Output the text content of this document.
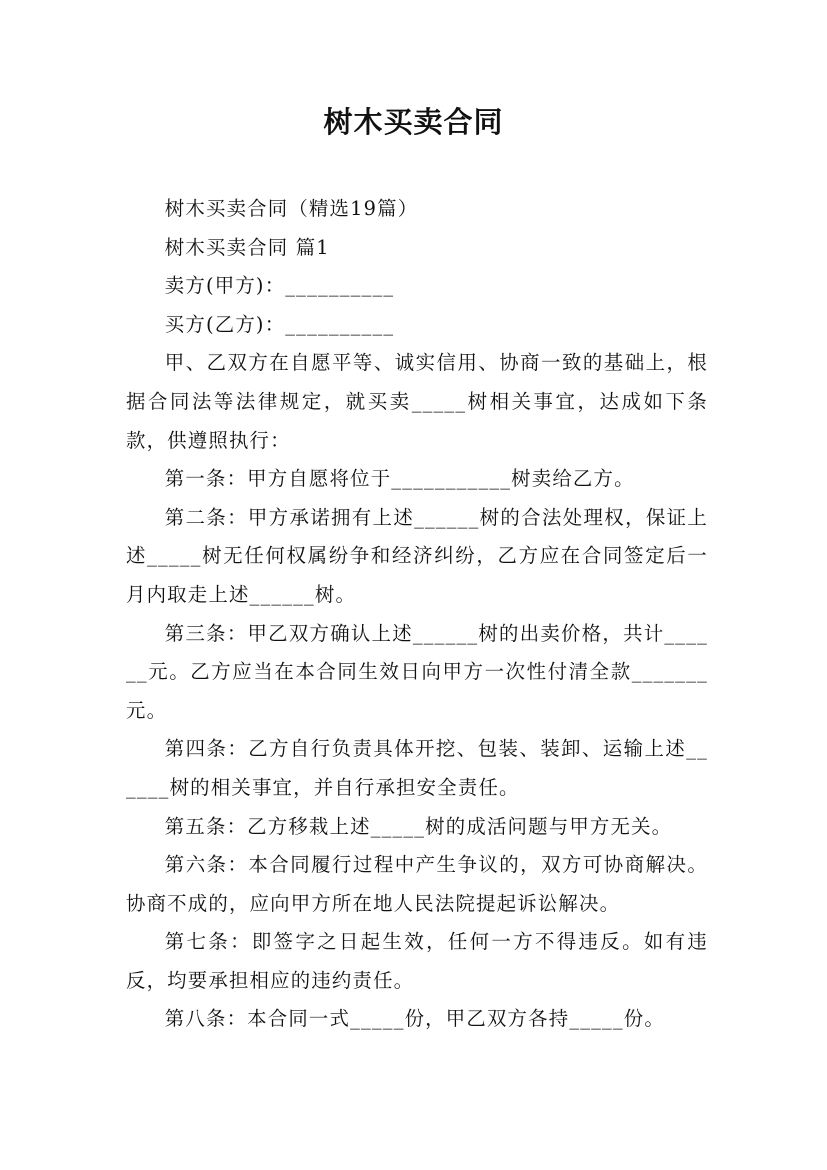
树木买卖合同

树木买卖合同（精选19篇）

树木买卖合同 篇1

卖方(甲方)：__________

买方(乙方)：__________

甲、乙双方在自愿平等、诚实信用、协商一致的基础上，根据合同法等法律规定，就买卖_____树相关事宜，达成如下条款，供遵照执行：

第一条：甲方自愿将位于___________树卖给乙方。

第二条：甲方承诺拥有上述______树的合法处理权，保证上述_____树无任何权属纷争和经济纠纷，乙方应在合同签定后一月内取走上述______树。

第三条：甲乙双方确认上述______树的出卖价格，共计______元。乙方应当在本合同生效日向甲方一次性付清全款_______元。

第四条：乙方自行负责具体开挖、包装、装卸、运输上述______树的相关事宜，并自行承担安全责任。

第五条：乙方移栽上述_____树的成活问题与甲方无关。

第六条：本合同履行过程中产生争议的，双方可协商解决。协商不成的，应向甲方所在地人民法院提起诉讼解决。

第七条：即签字之日起生效，任何一方不得违反。如有违反，均要承担相应的违约责任。

第八条：本合同一式_____份，甲乙双方各持_____份。
